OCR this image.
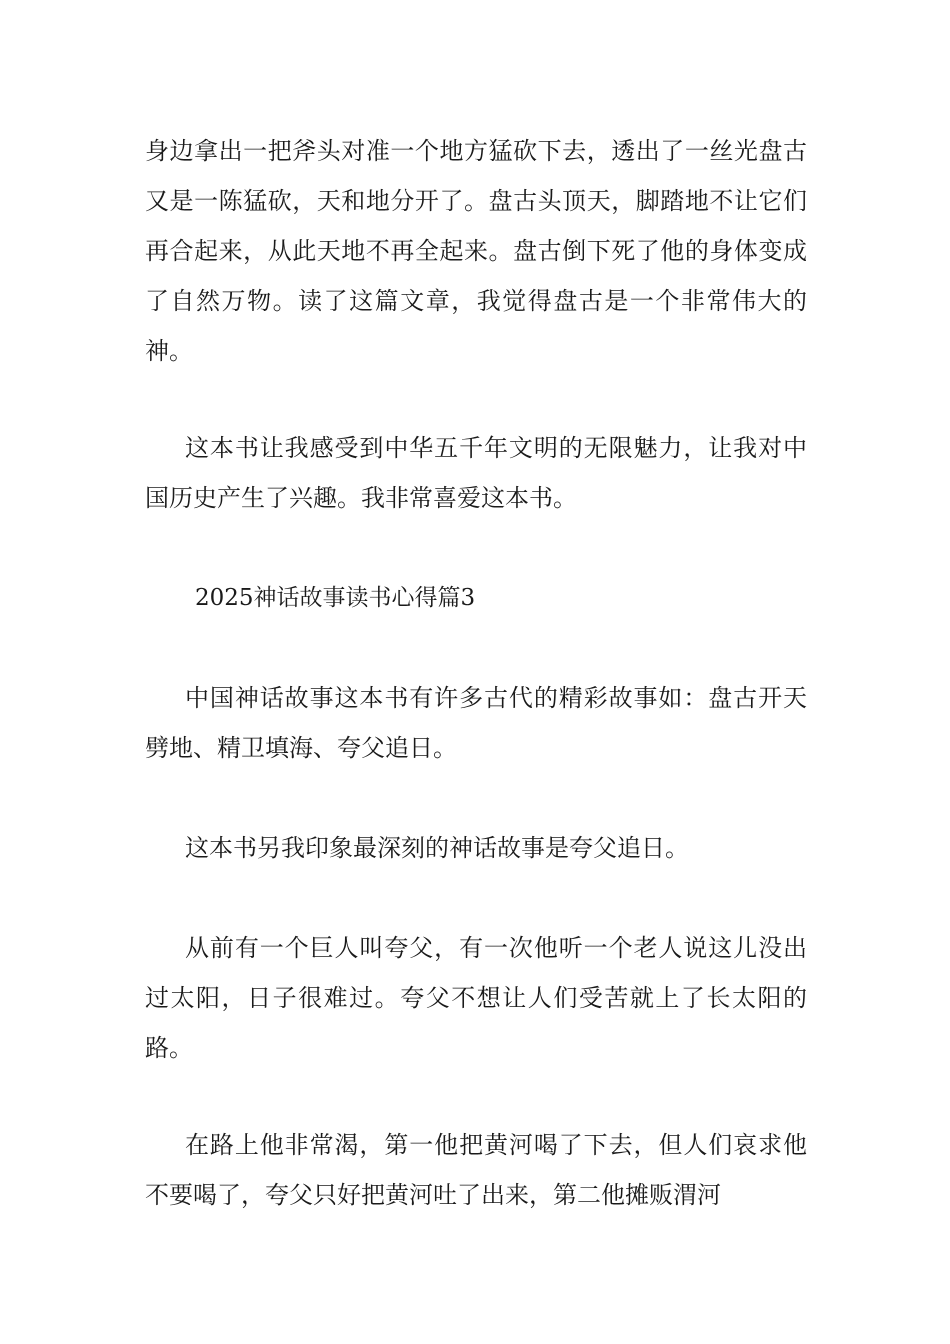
身边拿出一把斧头对准一个地方猛砍下去，透出了一丝光盘古又是一陈猛砍，天和地分开了。盘古头顶天，脚踏地不让它们再合起来，从此天地不再全起来。盘古倒下死了他的身体变成了自然万物。读了这篇文章，我觉得盘古是一个非常伟大的神。

这本书让我感受到中华五千年文明的无限魅力，让我对中国历史产生了兴趣。我非常喜爱这本书。

2025神话故事读书心得篇3

中国神话故事这本书有许多古代的精彩故事如：盘古开天劈地、精卫填海、夸父追日。

这本书另我印象最深刻的神话故事是夸父追日。

从前有一个巨人叫夸父，有一次他听一个老人说这儿没出过太阳，日子很难过。夸父不想让人们受苦就上了长太阳的路。

在路上他非常渴，第一他把黄河喝了下去，但人们哀求他不要喝了，夸父只好把黄河吐了出来，第二他摊贩渭河
